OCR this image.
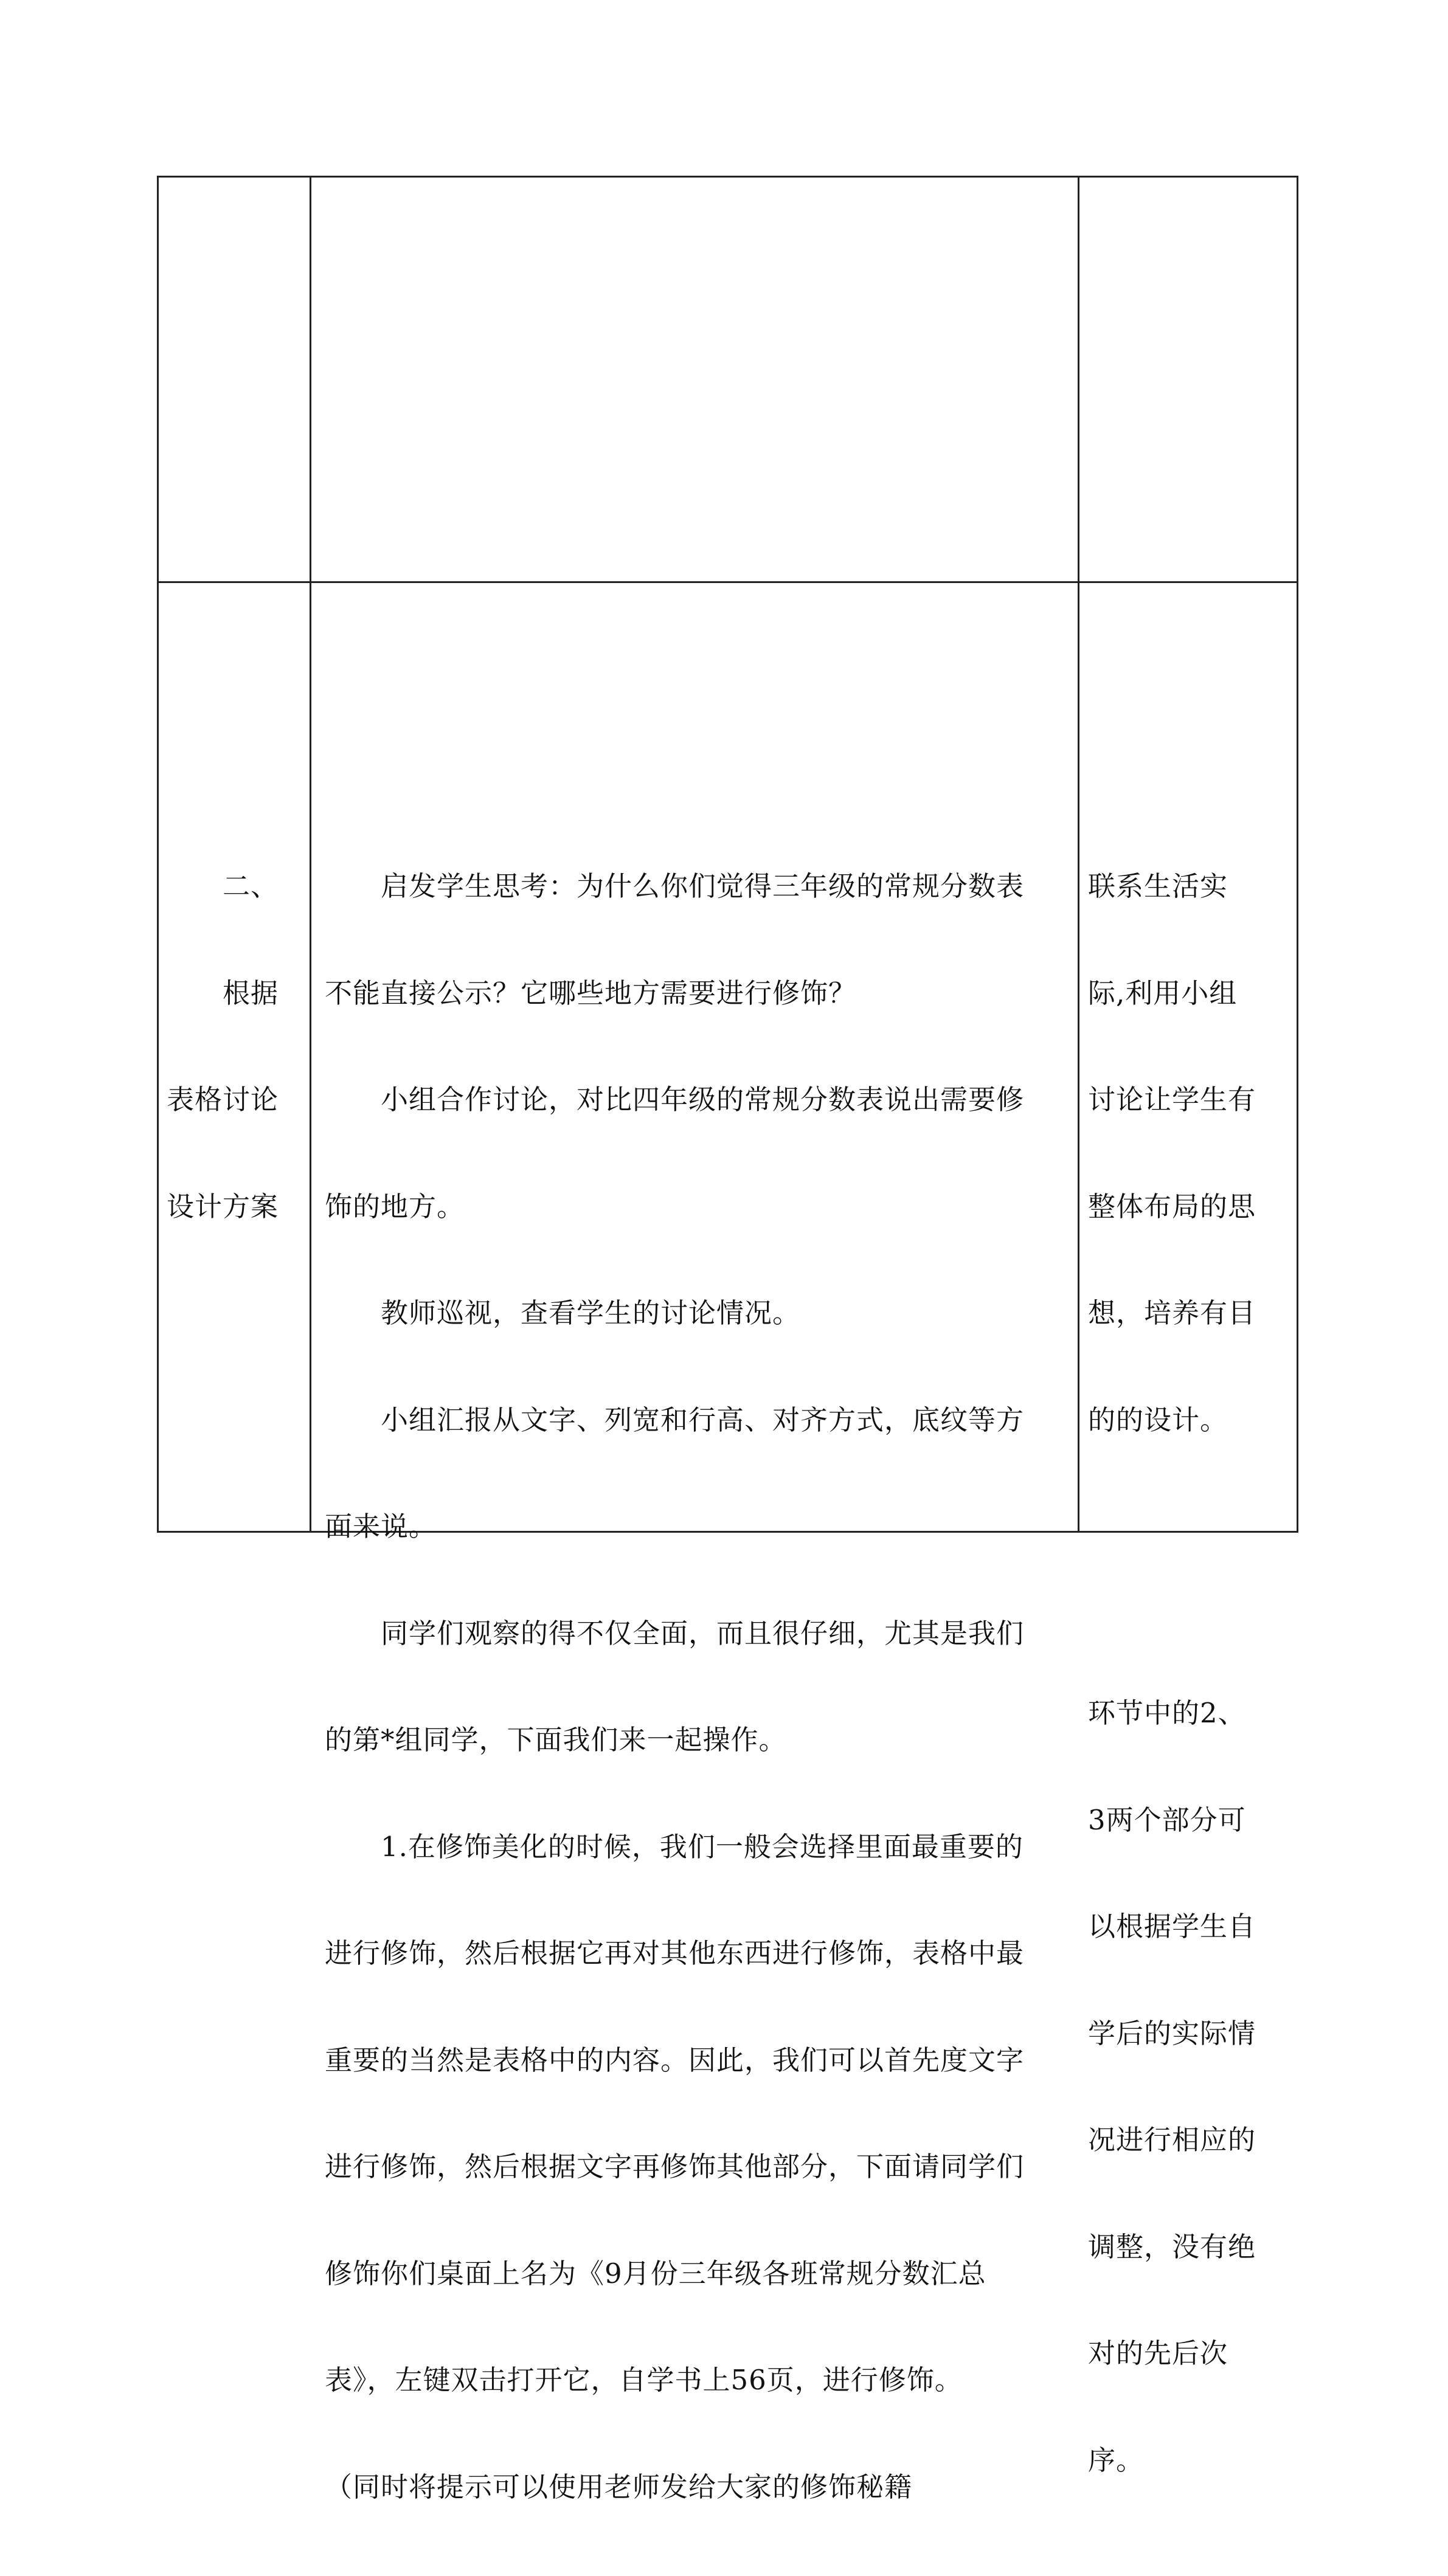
　　二、

　　根据

表格讨论

设计方案

　　启发学生思考：为什么你们觉得三年级的常规分数表

不能直接公示？它哪些地方需要进行修饰？

　　小组合作讨论，对比四年级的常规分数表说出需要修

饰的地方。

　　教师巡视，查看学生的讨论情况。

　　小组汇报从文字、列宽和行高、对齐方式，底纹等方

面来说。

　　同学们观察的得不仅全面，而且很仔细，尤其是我们

的第*组同学，下面我们来一起操作。

　　1.在修饰美化的时候，我们一般会选择里面最重要的

进行修饰，然后根据它再对其他东西进行修饰，表格中最

重要的当然是表格中的内容。因此，我们可以首先度文字

进行修饰，然后根据文字再修饰其他部分，下面请同学们

修饰你们桌面上名为《9月份三年级各班常规分数汇总

表》，左键双击打开它，自学书上56页，进行修饰。

（同时将提示可以使用老师发给大家的修饰秘籍

联系生活实

际,利用小组

讨论让学生有

整体布局的思

想，培养有目

的的设计。

环节中的2、

3两个部分可

以根据学生自

学后的实际情

况进行相应的

调整，没有绝

对的先后次

序。
